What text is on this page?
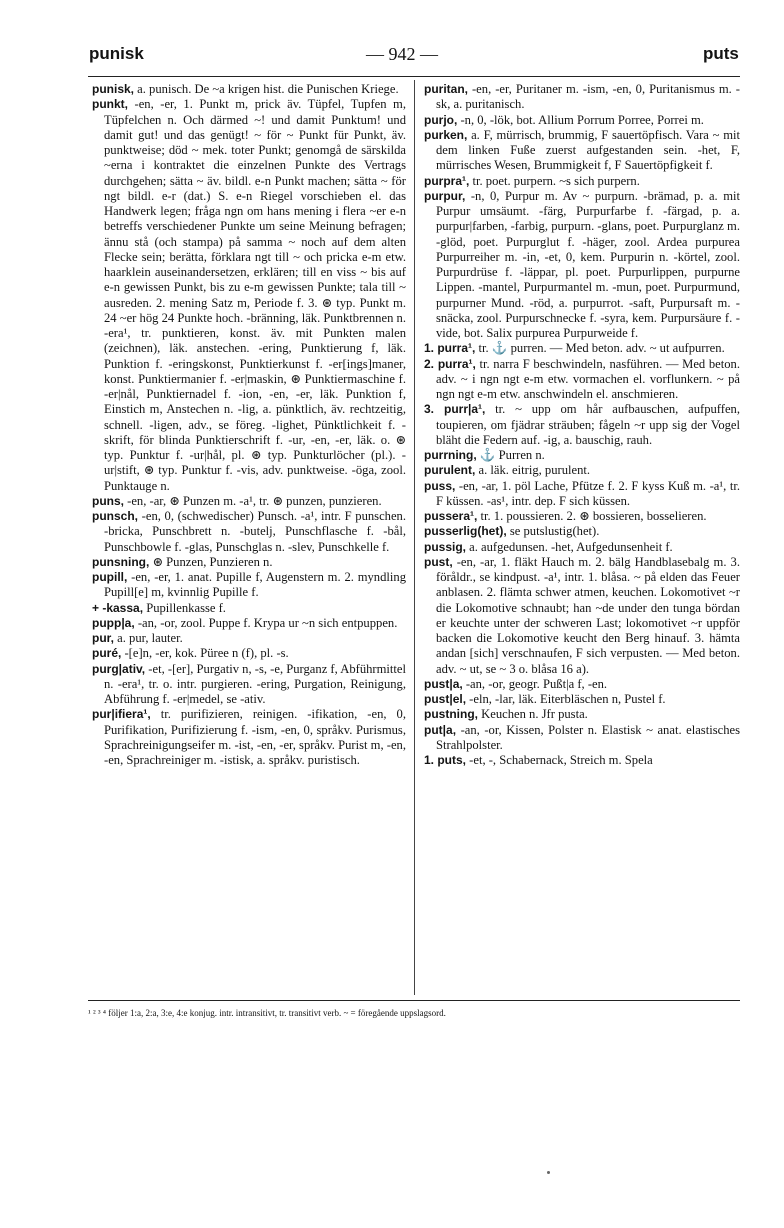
punisk	— 942 —	puts

punisk, a. punisch. De ~a krigen hist. die Punischen Kriege.

punkt, -en, -er, 1. Punkt m, prick äv. Tüpfel, Tupfen m, Tüpfelchen n. Och därmed ~! und damit Punktum! und damit gut! und das genügt! ~ för ~ Punkt für Punkt, äv. punktweise; död ~ mek. toter Punkt; genomgå de särskilda ~erna i kontraktet die einzelnen Punkte des Vertrags durchgehen; sätta ~ äv. bildl. e-n Punkt machen; sätta ~ för ngt bildl. e-r (dat.) S. e-n Riegel vorschieben el. das Handwerk legen; fråga ngn om hans mening i flera ~er e-n betreffs verschiedener Punkte um seine Meinung befragen; ännu stå (och stampa) på samma ~ noch auf dem alten Flecke sein; berätta, förklara ngt till ~ och pricka e-m etw. haarklein auseinandersetzen, erklären; till en viss ~ bis auf e-n gewissen Punkt, bis zu e-m gewissen Punkte; tala till ~ ausreden. 2. mening Satz m, Periode f. 3. ⊛ typ. Punkt m. 24 ~er hög 24 Punkte hoch. -bränning, läk. Punktbrennen n. -era¹, tr. punktieren, konst. äv. mit Punkten malen (zeichnen), läk. anstechen. -ering, Punktierung f, läk. Punktion f. -eringskonst, Punktierkunst f. -er[ings]maner, konst. Punktiermanier f. -er|maskin, ⊛ Punktiermaschine f. -er|nål, Punktiernadel f. -ion, -en, -er, läk. Punktion f, Einstich m, Anstechen n. -lig, a. pünktlich, äv. rechtzeitig, schnell. -ligen, adv., se föreg. -lighet, Pünktlichkeit f. -skrift, för blinda Punktierschrift f. -ur, -en, -er, läk. o. ⊛ typ. Punktur f. -ur|hål, pl. ⊛ typ. Punkturlöcher (pl.). -ur|stift, ⊛ typ. Punktur f. -vis, adv. punktweise. -öga, zool. Punktauge n.

puns, -en, -ar, ⊛ Punzen m. -a¹, tr. ⊛ punzen, punzieren.

punsch, -en, 0, (schwedischer) Punsch. -a¹, intr. F punschen. -bricka, Punschbrett n. -butelj, Punschflasche f. -bål, Punschbowle f. -glas, Punschglas n. -slev, Punschkelle f.

punsning, ⊛ Punzen, Punzieren n.

pupill, -en, -er, 1. anat. Pupille f, Augenstern m. 2. myndling Pupill[e] m, kvinnlig Pupille f.

+ -kassa, Pupillenkasse f.

pupp|a, -an, -or, zool. Puppe f. Krypa ur ~n sich entpuppen.

pur, a. pur, lauter.

puré, -[e]n, -er, kok. Püree n (f), pl. -s.

purg|ativ, -et, -[er], Purgativ n, -s, -e, Purganz f, Abführmittel n. -era¹, tr. o. intr. purgieren. -ering, Purgation, Reinigung, Abführung f. -er|medel, se -ativ.

pur|ifiera¹, tr. purifizieren, reinigen. -ifikation, -en, 0, Purifikation, Purifizierung f. -ism, -en, 0, språkv. Purismus, Sprachreinigungseifer m. -ist, -en, -er, språkv. Purist m, -en, -en, Sprachreiniger m. -istisk, a. språkv. puristisch.

puritan, -en, -er, Puritaner m. -ism, -en, 0, Puritanismus m. -sk, a. puritanisch.

purjo, -n, 0, -lök, bot. Allium Porrum Porree, Porrei m.

purken, a. F, mürrisch, brummig, F sauertöpfisch. Vara ~ mit dem linken Fuße zuerst aufgestanden sein. -het, F, mürrisches Wesen, Brummigkeit f, F Sauertöpfigkeit f.

purpra¹, tr. poet. purpern. ~s sich purpern.

purpur, -n, 0, Purpur m. Av ~ purpurn. -brämad, p. a. mit Purpur umsäumt. -färg, Purpurfarbe f. -färgad, p. a. purpur|farben, -farbig, purpurn. -glans, poet. Purpurglanz m. -glöd, poet. Purpurglut f. -häger, zool. Ardea purpurea Purpurreiher m. -in, -et, 0, kem. Purpurin n. -körtel, zool. Purpurdrüse f. -läppar, pl. poet. Purpurlippen, purpurne Lippen. -mantel, Purpurmantel m. -mun, poet. Purpurmund, purpurner Mund. -röd, a. purpurrot. -saft, Purpursaft m. -snäcka, zool. Purpurschnecke f. -syra, kem. Purpursäure f. -vide, bot. Salix purpurea Purpurweide f.

1. purra¹, tr. ⚓ purren. — Med beton. adv. ~ ut aufpurren.

2. purra¹, tr. narra F beschwindeln, nasführen. — Med beton. adv. ~ i ngn ngt e-m etw. vormachen el. vorflunkern. ~ på ngn ngt e-m etw. anschwindeln el. anschmieren.

3. purr|a¹, tr. ~ upp om hår aufbauschen, aufpuffen, toupieren, om fjädrar sträuben; fågeln ~r upp sig der Vogel bläht die Federn auf. -ig, a. bauschig, rauh.

purrning, ⚓ Purren n.

purulent, a. läk. eitrig, purulent.

puss, -en, -ar, 1. pöl Lache, Pfütze f. 2. F kyss Kuß m. -a¹, tr. F küssen. -as¹, intr. dep. F sich küssen.

pussera¹, tr. 1. poussieren. 2. ⊛ bossieren, bosselieren.

pusserlig(het), se putslustig(het).

pussig, a. aufgedunsen. -het, Aufgedunsenheit f.

pust, -en, -ar, 1. fläkt Hauch m. 2. bälg Handblasebalg m. 3. föråldr., se kindpust. -a¹, intr. 1. blåsa. ~ på elden das Feuer anblasen. 2. flämta schwer atmen, keuchen. Lokomotivet ~r die Lokomotive schnaubt; han ~de under den tunga bördan er keuchte unter der schweren Last; lokomotivet ~r uppför backen die Lokomotive keucht den Berg hinauf. 3. hämta andan [sich] verschnaufen, F sich verpusten. — Med beton. adv. ~ ut, se ~ 3 o. blåsa 16 a).

pust|a, -an, -or, geogr. Pußt|a f, -en.

pust|el, -eln, -lar, läk. Eiterbläschen n, Pustel f.

pustning, Keuchen n. Jfr pusta.

put|a, -an, -or, Kissen, Polster n. Elastisk ~ anat. elastisches Strahlpolster.

1. puts, -et, -, Schabernack, Streich m. Spela

¹ ² ³ ⁴ följer 1:a, 2:a, 3:e, 4:e konjug. intr. intransitivt, tr. transitivt verb. ~ = föregående uppslagsord.
